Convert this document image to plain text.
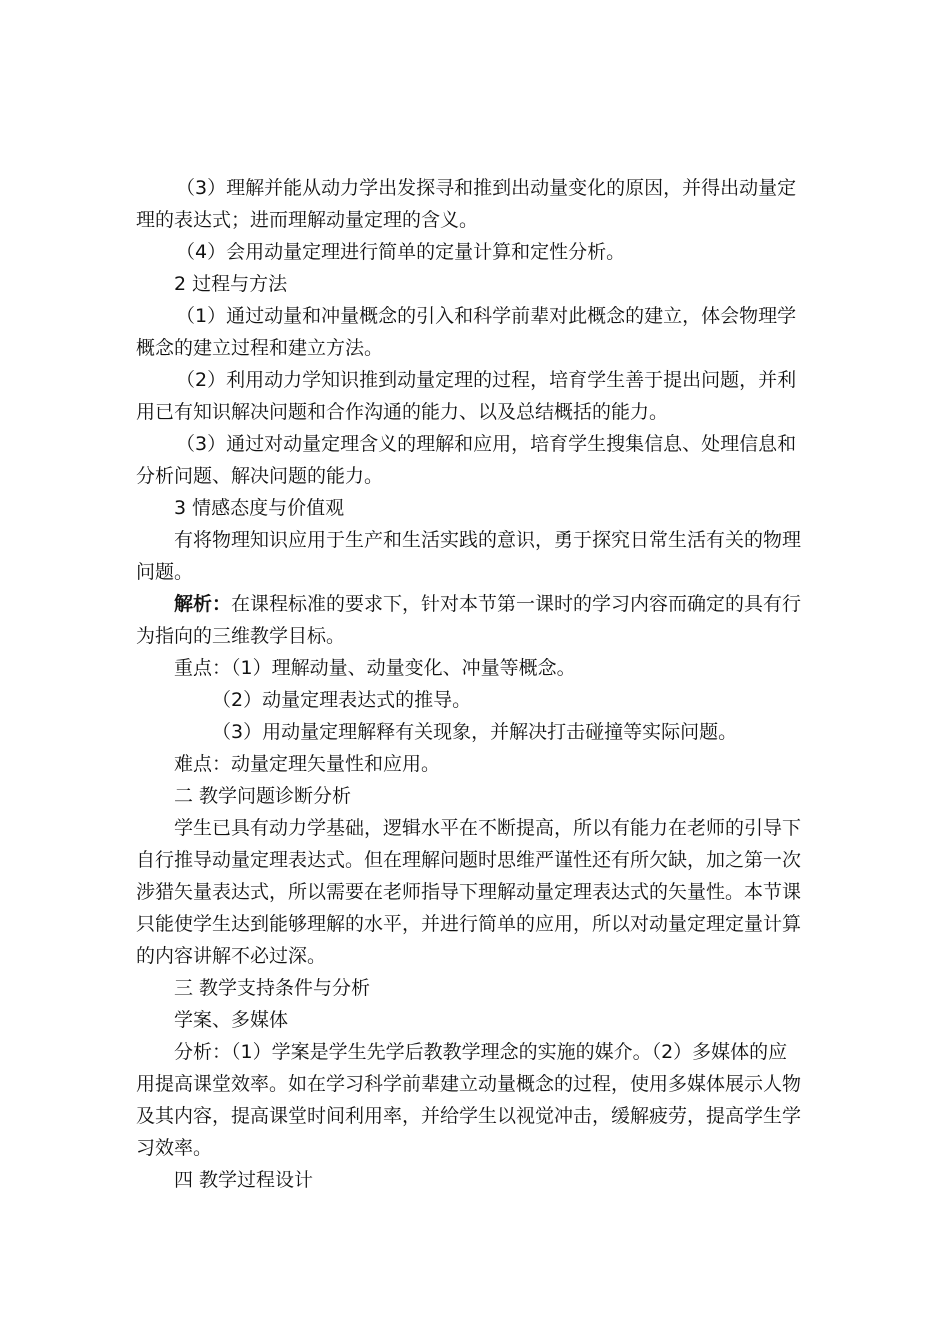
（3）理解并能从动力学出发探寻和推到出动量变化的原因，并得出动量定

理的表达式；进而理解动量定理的含义。

（4）会用动量定理进行简单的定量计算和定性分析。

2 过程与方法

（1）通过动量和冲量概念的引入和科学前辈对此概念的建立，体会物理学

概念的建立过程和建立方法。

（2）利用动力学知识推到动量定理的过程，培育学生善于提出问题，并利

用已有知识解决问题和合作沟通的能力、以及总结概括的能力。

（3）通过对动量定理含义的理解和应用，培育学生搜集信息、处理信息和

分析问题、解决问题的能力。

3 情感态度与价值观

有将物理知识应用于生产和生活实践的意识，勇于探究日常生活有关的物理

问题。

解析：在课程标准的要求下，针对本节第一课时的学习内容而确定的具有行

为指向的三维教学目标。

重点：（1）理解动量、动量变化、冲量等概念。

（2）动量定理表达式的推导。

（3）用动量定理解释有关现象，并解决打击碰撞等实际问题。

难点：动量定理矢量性和应用。

二 教学问题诊断分析

学生已具有动力学基础，逻辑水平在不断提高，所以有能力在老师的引导下

自行推导动量定理表达式。但在理解问题时思维严谨性还有所欠缺，加之第一次

涉猎矢量表达式，所以需要在老师指导下理解动量定理表达式的矢量性。本节课

只能使学生达到能够理解的水平，并进行简单的应用，所以对动量定理定量计算

的内容讲解不必过深。

三 教学支持条件与分析

学案、多媒体

分析：（1）学案是学生先学后教教学理念的实施的媒介。（2）多媒体的应

用提高课堂效率。如在学习科学前辈建立动量概念的过程，使用多媒体展示人物

及其内容，提高课堂时间利用率，并给学生以视觉冲击，缓解疲劳，提高学生学

习效率。

四 教学过程设计
